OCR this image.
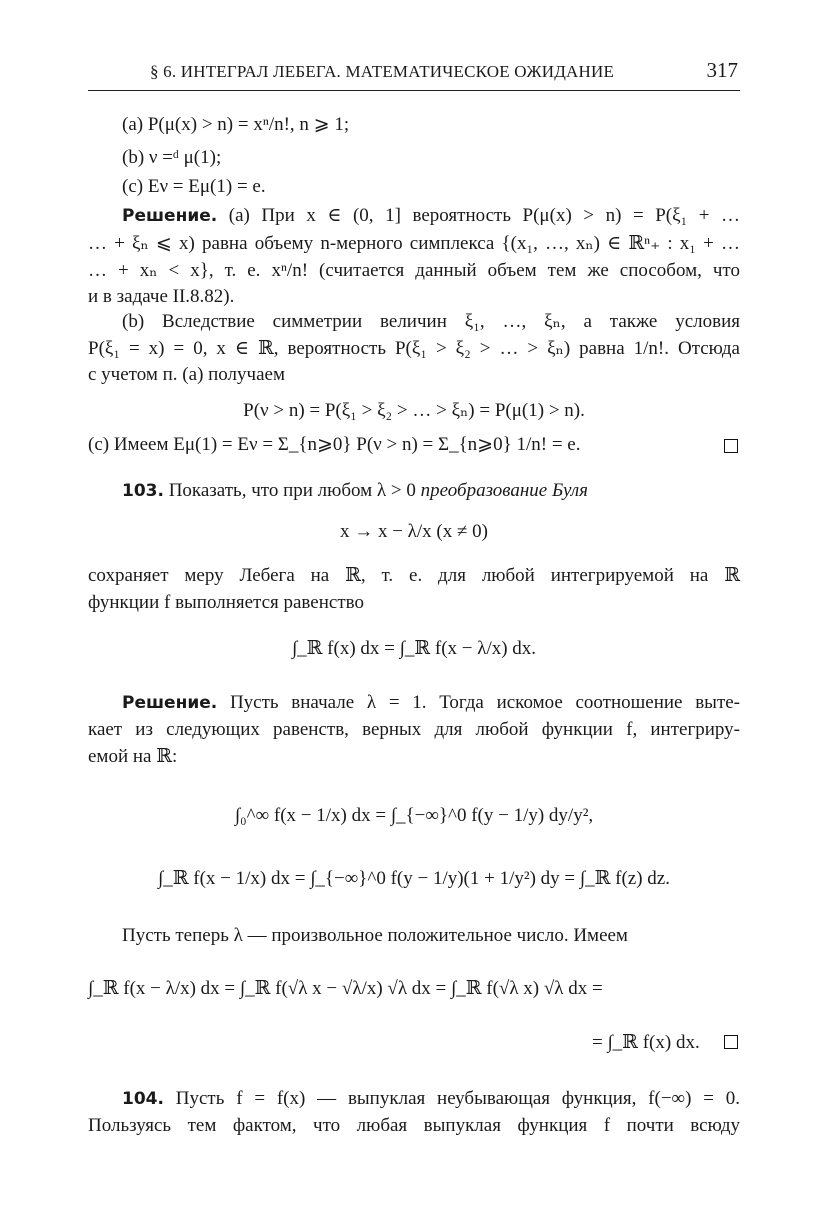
§ 6. ИНТЕГРАЛ ЛЕБЕГА. МАТЕМАТИЧЕСКОЕ ОЖИДАНИЕ	317
(a) P(μ(x) > n) = xⁿ/n!, n ⩾ 1;
(b) ν =ᵈ μ(1);
(c) Eν = Eμ(1) = e.
Решение. (a) При x ∈ (0, 1] вероятность P(μ(x) > n) = P(ξ₁ + …
… + ξₙ ⩽ x) равна объему n-мерного симплекса {(x₁, …, xₙ) ∈ ℝⁿ₊ : x₁ + …
… + xₙ < x}, т. е. xⁿ/n! (считается данный объем тем же способом, что
и в задаче II.8.82).
(b) Вследствие симметрии величин ξ₁, …, ξₙ, а также условия
P(ξ₁ = x) = 0, x ∈ ℝ, вероятность P(ξ₁ > ξ₂ > … > ξₙ) равна 1/n!. Отсюда
с учетом п. (а) получаем
P(ν > n) = P(ξ₁ > ξ₂ > … > ξₙ) = P(μ(1) > n).
(c) Имеем Eμ(1) = Eν = Σ_{n⩾0} P(ν > n) = Σ_{n⩾0} 1/n! = e.
103. Показать, что при любом λ > 0 преобразование Буля
x → x − λ/x (x ≠ 0)
сохраняет меру Лебега на ℝ, т. е. для любой интегрируемой на ℝ
функции f выполняется равенство
∫_ℝ f(x) dx = ∫_ℝ f(x − λ/x) dx.
Решение. Пусть вначале λ = 1. Тогда искомое соотношение выте-
кает из следующих равенств, верных для любой функции f, интегриру-
емой на ℝ:
∫₀^∞ f(x − 1/x) dx = ∫_{−∞}^0 f(y − 1/y) dy/y²,
∫_ℝ f(x − 1/x) dx = ∫_{−∞}^0 f(y − 1/y)(1 + 1/y²) dy = ∫_ℝ f(z) dz.
Пусть теперь λ — произвольное положительное число. Имеем
∫_ℝ f(x − λ/x) dx = ∫_ℝ f(√λ x − √λ/x) √λ dx = ∫_ℝ f(√λ x) √λ dx =
= ∫_ℝ f(x) dx.
104. Пусть f = f(x) — выпуклая неубывающая функция, f(−∞) = 0.
Пользуясь тем фактом, что любая выпуклая функция f почти всюду
